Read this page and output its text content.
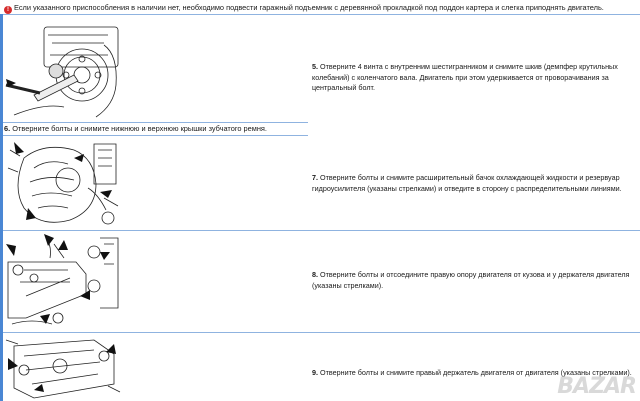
! Если указанного приспособления в наличии нет, необходимо подвести гаражный подъемник с деревянной прокладкой под поддон картера и слегка приподнять двигатель.
5. Отверните 4 винта с внутренним шестигранником и снимите шкив (демпфер крутильных колебаний) с коленчатого вала. Двигатель при этом удерживается от проворачивания за центральный болт.
6. Отверните болты и снимите нижнюю и верхнюю крышки зубчатого ремня.
7. Отверните болты и снимите расширительный бачок охлаждающей жидкости и резервуар гидроусилителя (указаны стрелками) и отведите в сторону с распределительными линиями.
8. Отверните болты и отсоедините правую опору двигателя от кузова и у держателя двигателя (указаны стрелками).
9. Отверните болты и снимите правый держатель двигателя от двигателя (указаны стрелками).
BAZAR
